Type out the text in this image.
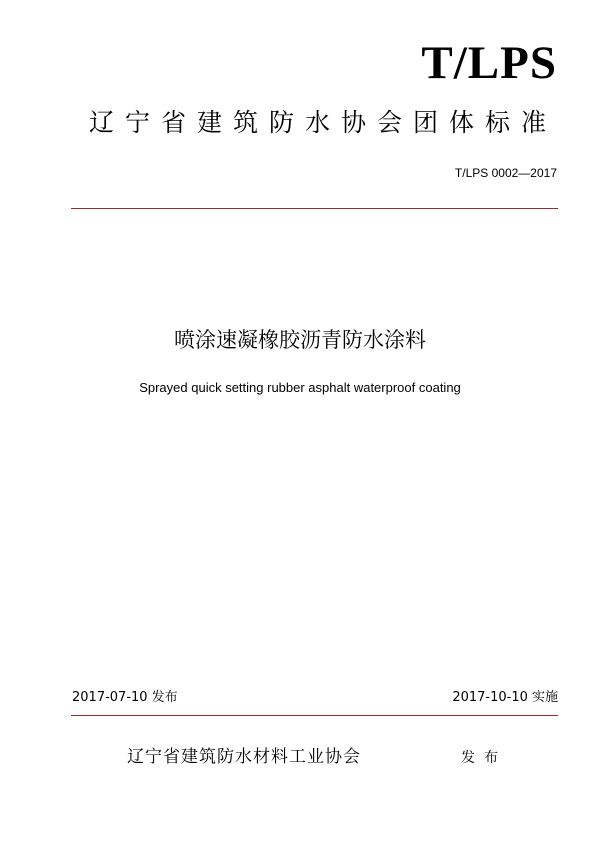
T/LPS
辽宁省建筑防水协会团体标准
T/LPS 0002—2017
喷涂速凝橡胶沥青防水涂料
Sprayed quick setting rubber asphalt waterproof coating
2017-07-10 发布	2017-10-10 实施
辽宁省建筑防水材料工业协会	发布
